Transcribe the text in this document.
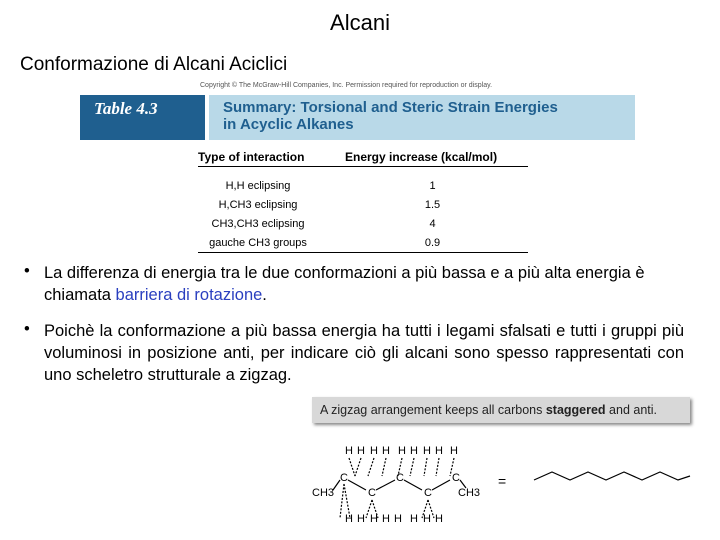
Alcani
Conformazione di Alcani Aciclici
Copyright © The McGraw-Hill Companies, Inc. Permission required for reproduction or display.
Table 4.3	Summary: Torsional and Steric Strain Energies
in Acyclic Alkanes
Type of interaction	Energy increase (kcal/mol)
H,H eclipsing	1
H,CH3 eclipsing	1.5
CH3,CH3 eclipsing	4
gauche CH3 groups	0.9
• La differenza di energia tra le due conformazioni a più bassa e a più alta energia è chiamata barriera di rotazione.
• Poichè la conformazione a più bassa energia ha tutti i legami sfalsati e tutti i gruppi più voluminosi in posizione anti, per indicare ciò gli alcani sono spesso rappresentati con uno scheletro strutturale a zigzag.
A zigzag arrangement keeps all carbons staggered and anti.
H H H H H H H H H
CH3
C
C
C
C
C
CH3
H H H H H H H H
=
